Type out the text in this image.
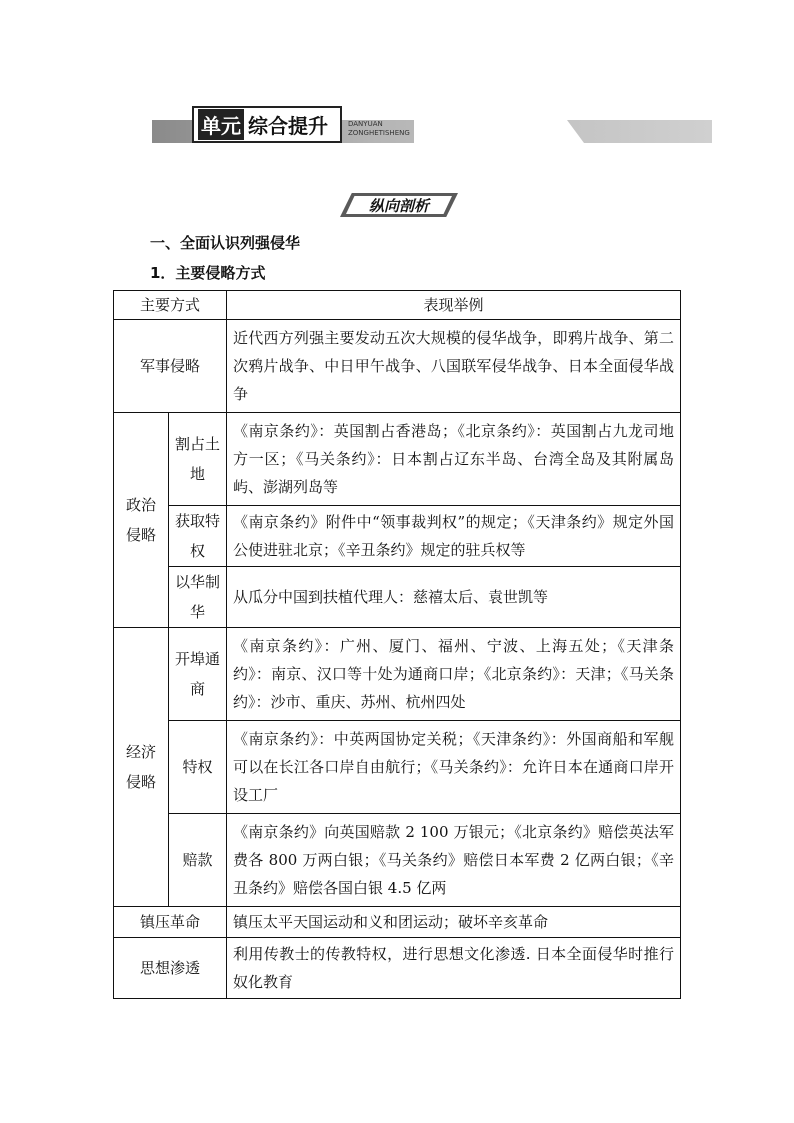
单元 综合提升	DANYUAN
ZONGHETISHENG
纵向剖析
一、全面认识列强侵华
1．主要侵略方式
主要方式		表现举例
军事侵略		近代西方列强主要发动五次大规模的侵华战争，即鸦片战争、第二次鸦片战争、中日甲午战争、八国联军侵华战争、日本全面侵华战争
政治侵略	割占土地	《南京条约》：英国割占香港岛；《北京条约》：英国割占九龙司地方一区；《马关条约》：日本割占辽东半岛、台湾全岛及其附属岛屿、澎湖列岛等
	获取特权	《南京条约》附件中“领事裁判权”的规定；《天津条约》规定外国公使进驻北京；《辛丑条约》规定的驻兵权等
	以华制华	从瓜分中国到扶植代理人：慈禧太后、袁世凯等
经济侵略	开埠通商	《南京条约》：广州、厦门、福州、宁波、上海五处；《天津条约》：南京、汉口等十处为通商口岸；《北京条约》：天津；《马关条约》：沙市、重庆、苏州、杭州四处
	特权	《南京条约》：中英两国协定关税；《天津条约》：外国商船和军舰可以在长江各口岸自由航行；《马关条约》：允许日本在通商口岸开设工厂
	赔款	《南京条约》向英国赔款 2 100 万银元；《北京条约》赔偿英法军费各 800 万两白银；《马关条约》赔偿日本军费 2 亿两白银；《辛丑条约》赔偿各国白银 4.5 亿两
镇压革命		镇压太平天国运动和义和团运动；破坏辛亥革命
思想渗透		利用传教士的传教特权，进行思想文化渗透. 日本全面侵华时推行奴化教育
